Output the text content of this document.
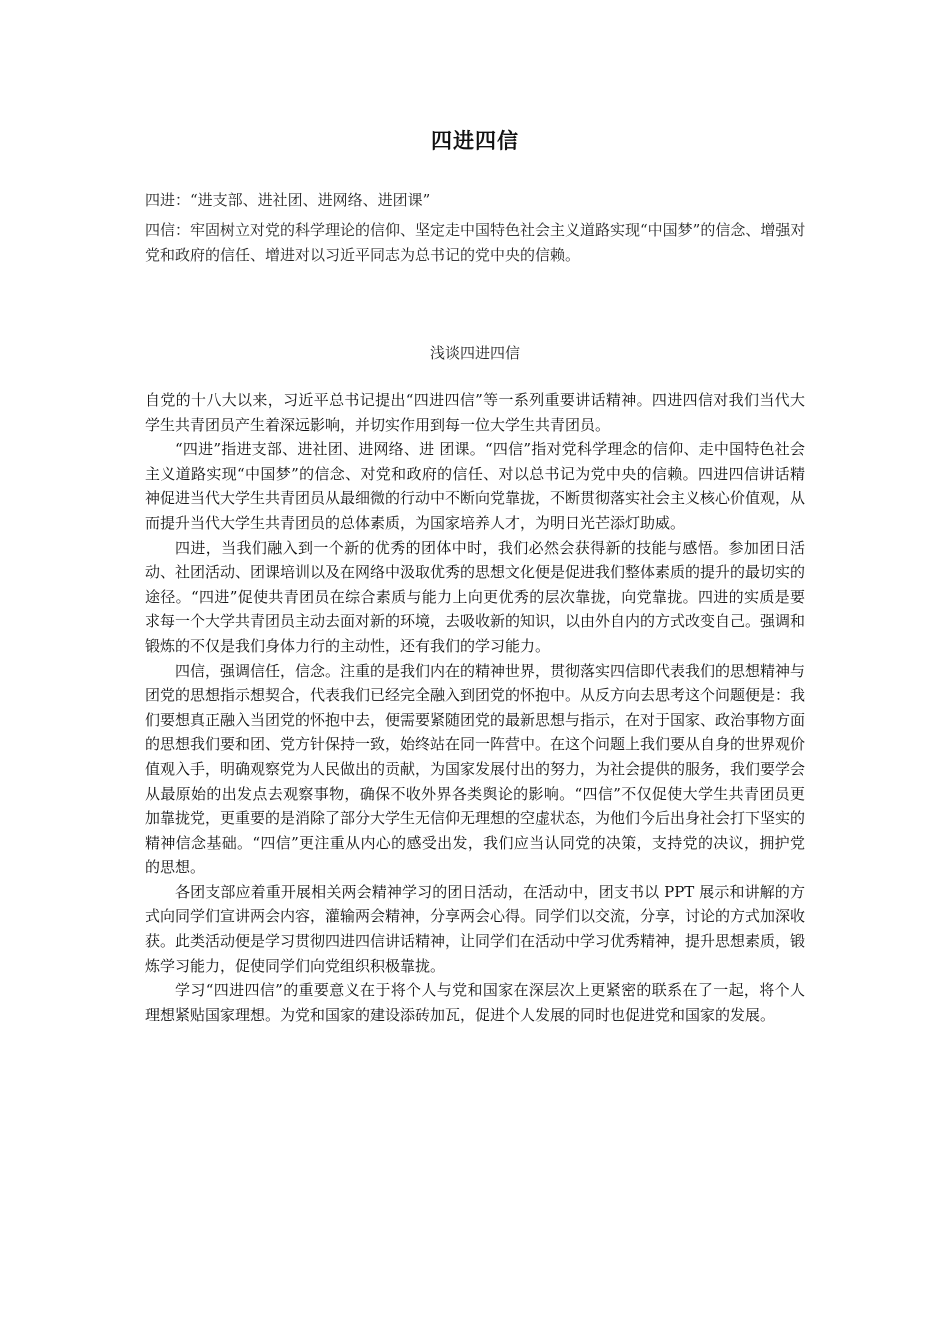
四进四信
四进：“进支部、进社团、进网络、进团课”
四信：牢固树立对党的科学理论的信仰、坚定走中国特色社会主义道路实现“中国梦”的信念、增强对党和政府的信任、增进对以习近平同志为总书记的党中央的信赖。
浅谈四进四信

自党的十八大以来，习近平总书记提出“四进四信”等一系列重要讲话精神。四进四信对我们当代大学生共青团员产生着深远影响，并切实作用到每一位大学生共青团员。

“四进”指进支部、进社团、进网络、进 团课。“四信”指对党科学理念的信仰、走中国特色社会主义道路实现“中国梦”的信念、对党和政府的信任、对以总书记为党中央的信赖。四进四信讲话精神促进当代大学生共青团员从最细微的行动中不断向党靠拢，不断贯彻落实社会主义核心价值观，从而提升当代大学生共青团员的总体素质，为国家培养人才，为明日光芒添灯助威。

四进，当我们融入到一个新的优秀的团体中时，我们必然会获得新的技能与感悟。参加团日活动、社团活动、团课培训以及在网络中汲取优秀的思想文化便是促进我们整体素质的提升的最切实的途径。“四进”促使共青团员在综合素质与能力上向更优秀的层次靠拢，向党靠拢。四进的实质是要求每一个大学共青团员主动去面对新的环境，去吸收新的知识，以由外自内的方式改变自己。强调和锻炼的不仅是我们身体力行的主动性，还有我们的学习能力。

四信，强调信任，信念。注重的是我们内在的精神世界，贯彻落实四信即代表我们的思想精神与团党的思想指示想契合，代表我们已经完全融入到团党的怀抱中。从反方向去思考这个问题便是：我们要想真正融入当团党的怀抱中去，便需要紧随团党的最新思想与指示，在对于国家、政治事物方面的思想我们要和团、党方针保持一致，始终站在同一阵营中。在这个问题上我们要从自身的世界观价值观入手，明确观察党为人民做出的贡献，为国家发展付出的努力，为社会提供的服务，我们要学会从最原始的出发点去观察事物，确保不收外界各类舆论的影响。“四信”不仅促使大学生共青团员更加靠拢党，更重要的是消除了部分大学生无信仰无理想的空虚状态，为他们今后出身社会打下坚实的精神信念基础。“四信”更注重从内心的感受出发，我们应当认同党的决策，支持党的决议，拥护党的思想。

各团支部应着重开展相关两会精神学习的团日活动，在活动中，团支书以 PPT 展示和讲解的方式向同学们宣讲两会内容，灌输两会精神，分享两会心得。同学们以交流，分享，讨论的方式加深收获。此类活动便是学习贯彻四进四信讲话精神，让同学们在活动中学习优秀精神，提升思想素质，锻炼学习能力，促使同学们向党组织积极靠拢。

学习“四进四信”的重要意义在于将个人与党和国家在深层次上更紧密的联系在了一起，将个人理想紧贴国家理想。为党和国家的建设添砖加瓦，促进个人发展的同时也促进党和国家的发展。
